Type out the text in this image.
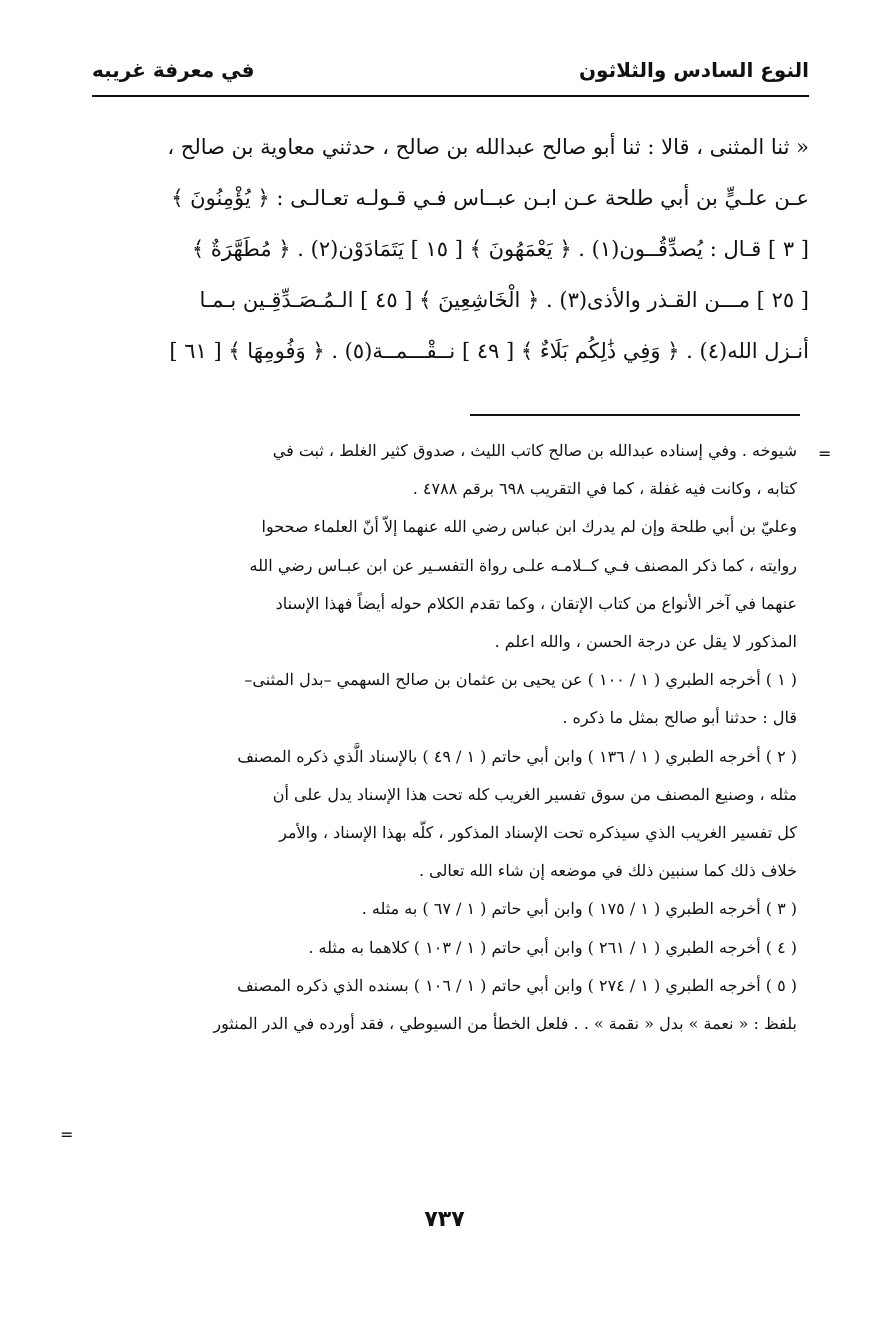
النوع السادس والثلاثون
في معرفة غريبه
« ثنا المثنى ، قالا : ثنا أبو صالح عبدالله بن صالح ، حدثني معاوية بن صالح ،
عـن علـيٍّ بن أبي طلحة عـن ابـن عبــاس فـي قـولـه تعـالـى : ﴿ يُؤْمِنُونَ ﴾
[ ٣ ] قـال : يُصدِّقُــون(١) . ﴿ يَعْمَهُونَ ﴾ [ ١٥ ] يَتَمَادَوْن(٢) . ﴿ مُطَهَّرَةٌ ﴾
[ ٢٥ ] مـــن القـذر والأذى(٣) . ﴿ الْخَاشِعِينَ ﴾ [ ٤٥ ] الـمُـصَـدِّقِـين بـمـا
أنـزل الله(٤) . ﴿ وَفِي ذَٰلِكُم بَلَاءٌ ﴾ [ ٤٩ ] نــقْـــمــة(٥) . ﴿ وَفُومِهَا ﴾ [ ٦١ ]
=
شيوخه . وفي إسناده عبدالله بن صالح كاتب الليث ، صدوق كثير الغلط ، ثبت في
كتابه ، وكانت فيه غفلة ، كما في التقريب ٦٩٨ برقم ٤٧٨٨ .
وعليّ بن أبي طلحة وإن لم يدرك ابن عباس رضي الله عنهما إلاّ أنّ العلماء صححوا
روايته ، كما ذكر المصنف فـي كــلامـه علـى رواة التفسـير عن ابن عبـاس رضي الله
عنهما في آخر الأنواع من كتاب الإتقان ، وكما تقدم الكلام حوله أيضاً فهذا الإسناد
المذكور لا يقل عن درجة الحسن ، والله اعلم .
( ١ ) أخرجه الطبري ( ١ / ١٠٠ ) عن يحيى بن عثمان بن صالح السهمي –بدل المثنى–
قال : حدثنا أبو صالح بمثل ما ذكره .
( ٢ ) أخرجه الطبري ( ١ / ١٣٦ ) وابن أبي حاتم ( ١ / ٤٩ ) بالإسناد الَّذي ذكره المصنف
مثله ، وصنيع المصنف من سوق تفسير الغريب كله تحت هذا الإسناد يدل على أن
كل تفسير الغريب الذي سيذكره تحت الإسناد المذكور ، كلّه بهذا الإسناد ، والأمر
خلاف ذلك كما سنبين ذلك في موضعه إن شاء الله تعالى .
( ٣ ) أخرجه الطبري ( ١ / ١٧٥ ) وابن أبي حاتم ( ١ / ٦٧ ) به مثله .
( ٤ ) أخرجه الطبري ( ١ / ٢٦١ ) وابن أبي حاتم ( ١ / ١٠٣ ) كلاهما به مثله .
( ٥ ) أخرجه الطبري ( ١ / ٢٧٤ ) وابن أبي حاتم ( ١ / ١٠٦ ) بسنده الذي ذكره المصنف
بلفظ : « نعمة » بدل « نقمة » . . فلعل الخطأ من السيوطي ، فقد أورده في الدر المنثور
=
٧٣٧
